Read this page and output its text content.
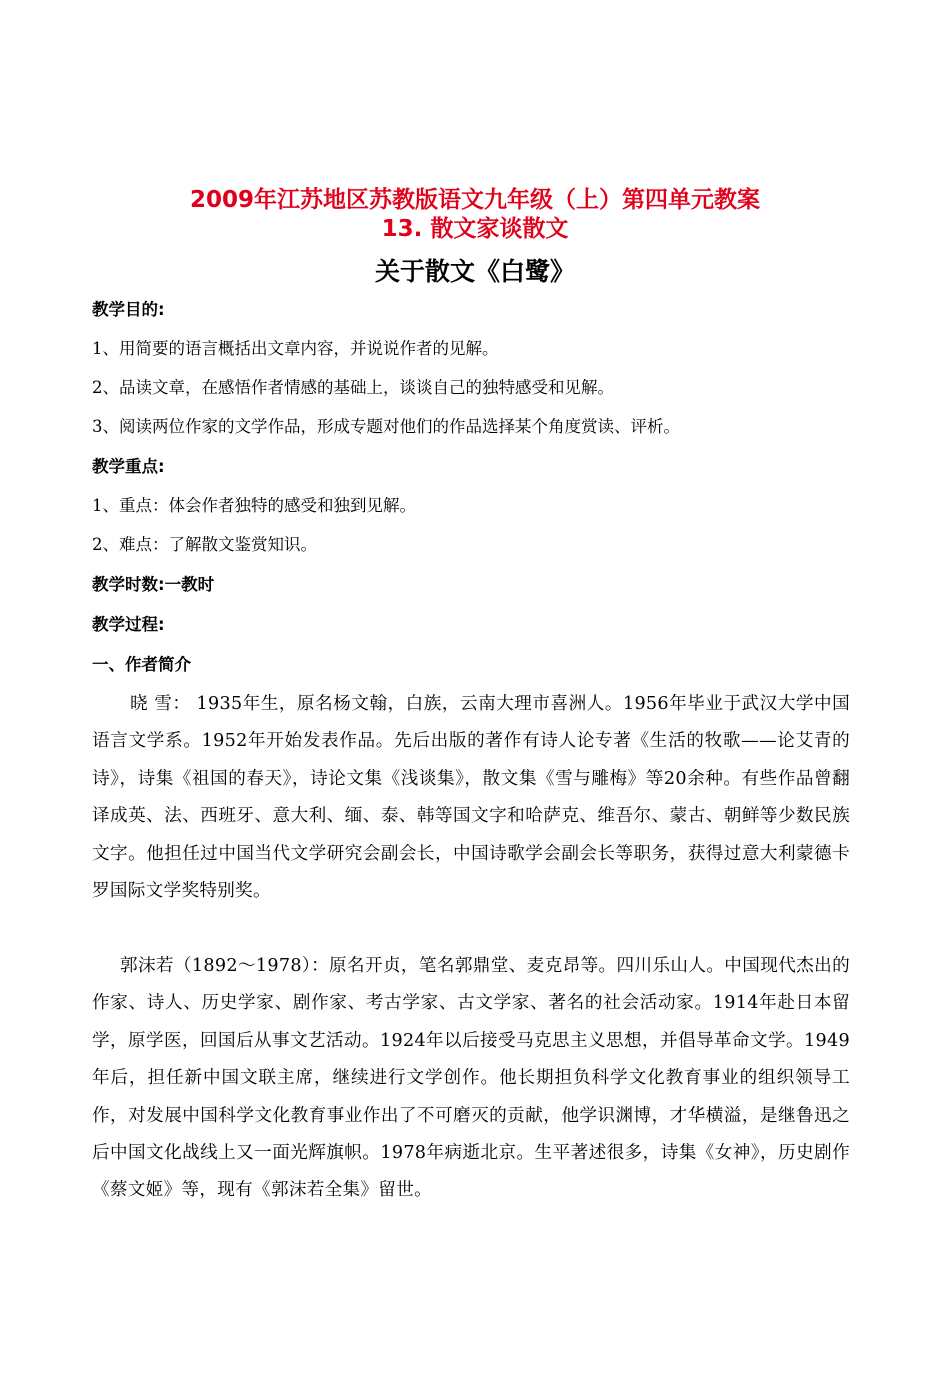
2009年江苏地区苏教版语文九年级（上）第四单元教案
13. 散文家谈散文
关于散文《白鹭》
教学目的:
1、用简要的语言概括出文章内容，并说说作者的见解。
2、品读文章，在感悟作者情感的基础上，谈谈自己的独特感受和见解。
3、阅读两位作家的文学作品，形成专题对他们的作品选择某个角度赏读、评析。
教学重点:
1、重点：体会作者独特的感受和独到见解。
2、难点：了解散文鉴赏知识。
教学时数:一教时
教学过程:
一、作者简介
晓 雪： 1935年生，原名杨文翰，白族，云南大理市喜洲人。1956年毕业于武汉大学中国语言文学系。1952年开始发表作品。先后出版的著作有诗人论专著《生活的牧歌——论艾青的诗》，诗集《祖国的春天》，诗论文集《浅谈集》，散文集《雪与雕梅》等20余种。有些作品曾翻译成英、法、西班牙、意大利、缅、泰、韩等国文字和哈萨克、维吾尔、蒙古、朝鲜等少数民族文字。他担任过中国当代文学研究会副会长，中国诗歌学会副会长等职务，获得过意大利蒙德卡罗国际文学奖特别奖。
郭沫若（1892～1978）：原名开贞，笔名郭鼎堂、麦克昂等。四川乐山人。中国现代杰出的作家、诗人、历史学家、剧作家、考古学家、古文学家、著名的社会活动家。1914年赴日本留学，原学医，回国后从事文艺活动。1924年以后接受马克思主义思想，并倡导革命文学。1949年后，担任新中国文联主席，继续进行文学创作。他长期担负科学文化教育事业的组织领导工作，对发展中国科学文化教育事业作出了不可磨灭的贡献，他学识渊博，才华横溢，是继鲁迅之后中国文化战线上又一面光辉旗帜。1978年病逝北京。生平著述很多，诗集《女神》，历史剧作《蔡文姬》等，现有《郭沫若全集》留世。
